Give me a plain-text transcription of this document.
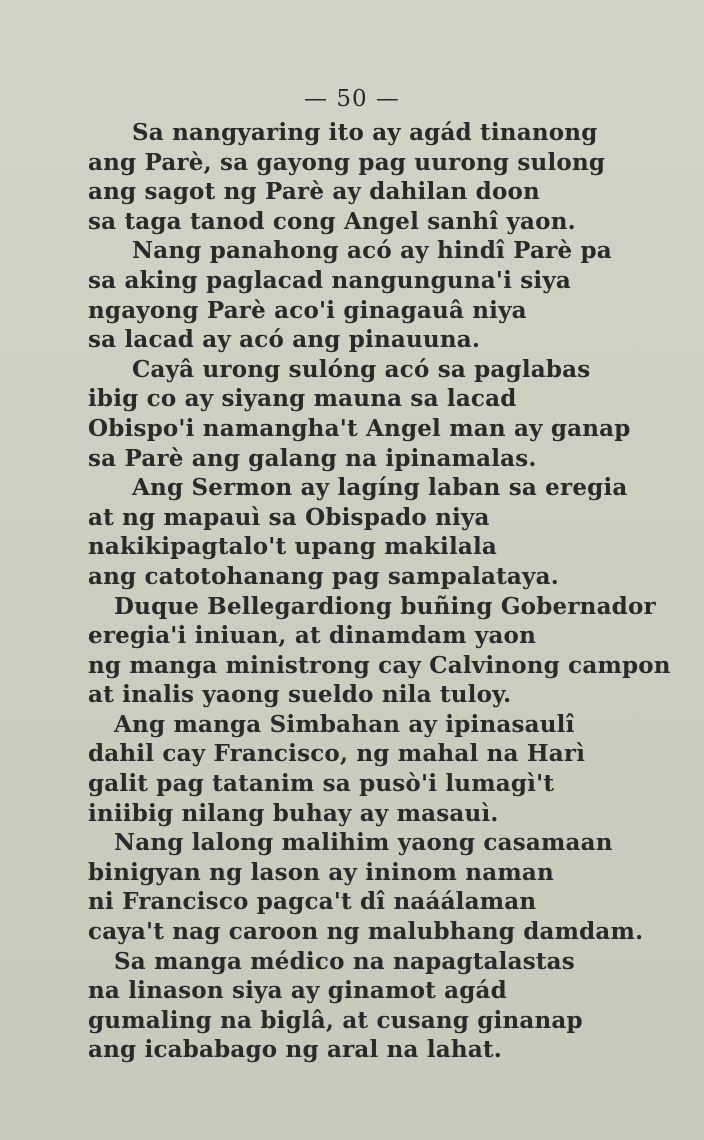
— 50 —
Sa nangyaring ito ay agád tinanong
ang Parè, sa gayong pag uurong sulong
ang sagot ng Parè ay dahilan doon
sa taga tanod cong Angel sanhî yaon.
Nang panahong acó ay hindî Parè pa
sa aking paglacad nangunguna'i siya
ngayong Parè aco'i ginagauâ niya
sa lacad ay acó ang pinauuna.
Cayâ urong sulóng acó sa paglabas
ibig co ay siyang mauna sa lacad
Obispo'i namangha't Angel man ay ganap
sa Parè ang galang na ipinamalas.
Ang Sermon ay lagíng laban sa eregia
at ng mapauì sa Obispado niya
nakikipagtalo't upang makilala
ang catotohanang pag sampalataya.
Duque Bellegardiong buñing Gobernador
eregia'i iniuan, at dinamdam yaon
ng manga ministrong cay Calvinong campon
at inalis yaong sueldo nila tuloy.
Ang manga Simbahan ay ipinasaulî
dahil cay Francisco, ng mahal na Harì
galit pag tatanim sa pusò'i lumagì't
iniibig nilang buhay ay masauì.
Nang lalong malihim yaong casamaan
binigyan ng lason ay ininom naman
ni Francisco pagca't dî naáálaman
caya't nag caroon ng malubhang damdam.
Sa manga médico na napagtalastas
na linason siya ay ginamot agád
gumaling na biglâ, at cusang ginanap
ang icababago ng aral na lahat.
